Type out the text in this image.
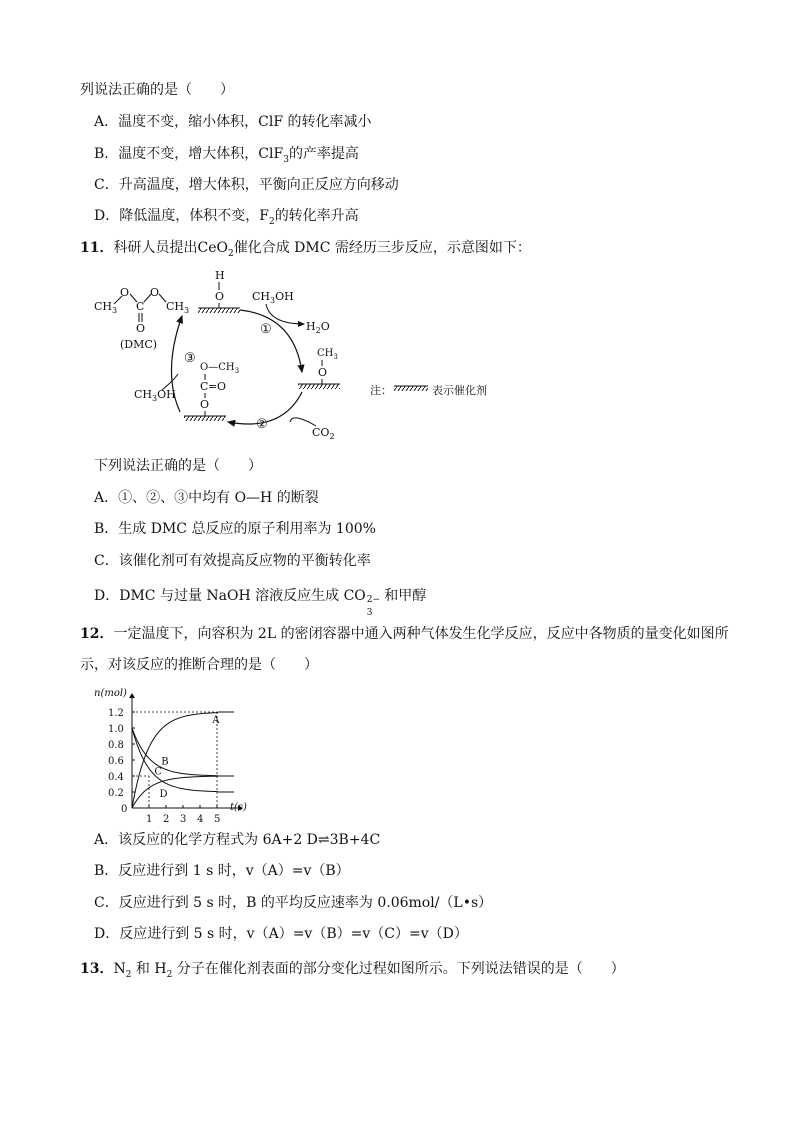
列说法正确的是（　　）
A．温度不变，缩小体积，ClF 的转化率减小
B．温度不变，增大体积，ClF$_3$的产率提高
C．升高温度，增大体积，平衡向正反应方向移动
D．降低温度，体积不变，$F_2$的转化率升高
11．科研人员提出CeO$_2$催化合成 DMC 需经历三步反应，示意图如下：
$CH_3$
O
C
O
$CH_3$
O
(DMC)
H
O	$CH_3OH$
①	$H_2O$
$CH_3$
O
注：	表示催化剂
$O—CH_3$
C = O
O
③
$CH_3OH$
②
$CO_2$
下列说法正确的是（　　）
A．①、②、③中均有 O—H 的断裂
B．生成 DMC 总反应的原子利用率为 100%
C．该催化剂可有效提高反应物的平衡转化率
D．DMC 与过量 NaOH 溶液反应生成 CO 2−
3
和甲醇
12．一定温度下，向容积为 2L 的密闭容器中通入两种气体发生化学反应，反应中各物质的量变化如图所
示，对该反应的推断合理的是（　　）
n(mol)
t(s)
0
1.2
1.0
0.8
0.6
0.4
0.2
1 2 3 4 5
A
B
C
D
A．该反应的化学方程式为 6A+2 D⇌3B+4C
B．反应进行到 1 s 时，v（A）=v（B）
C．反应进行到 5 s 时，B 的平均反应速率为 0.06mol/（L•s）
D．反应进行到 5 s 时，v（A）=v（B）=v（C）=v（D）
13．$N_2$ 和 $H_2$ 分子在催化剂表面的部分变化过程如图所示。下列说法错误的是（　　）
